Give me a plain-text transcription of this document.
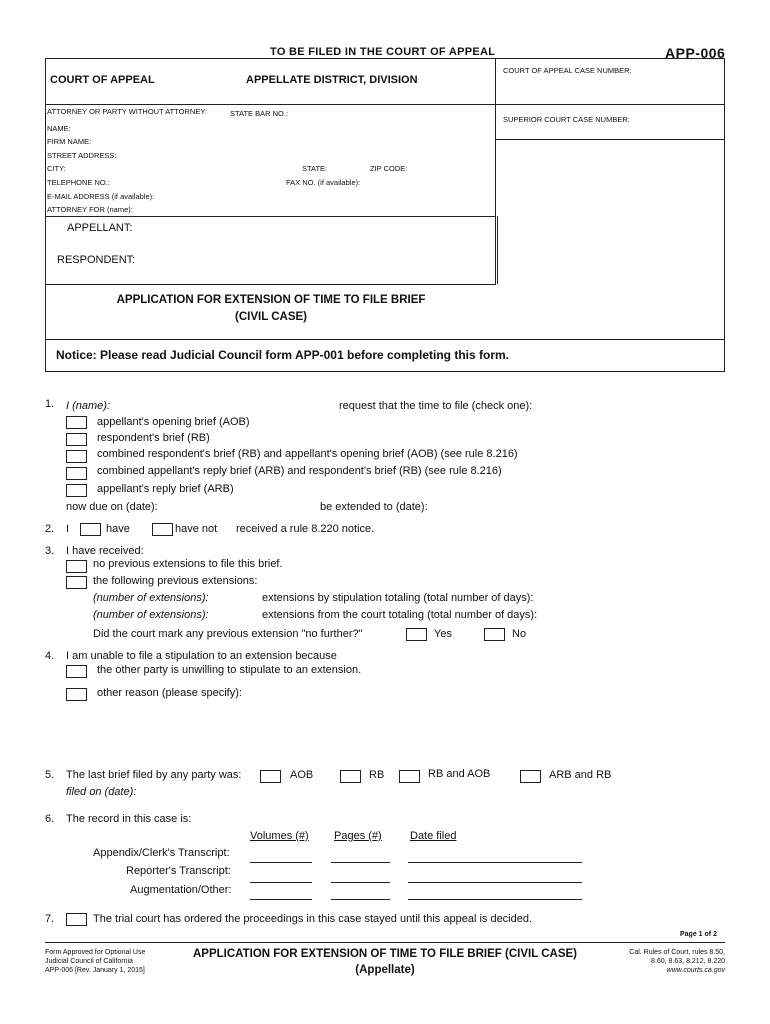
TO BE FILED IN THE COURT OF APPEAL	APP-006
COURT OF APPEAL	APPELLATE DISTRICT, DIVISION
COURT OF APPEAL CASE NUMBER:
SUPERIOR COURT CASE NUMBER:
ATTORNEY OR PARTY WITHOUT ATTORNEY:	STATE BAR NO.:
NAME:
FIRM NAME:
STREET ADDRESS:
CITY:	STATE:	ZIP CODE:
TELEPHONE NO.:	FAX NO. (if available):
E-MAIL ADDRESS (if available):
ATTORNEY FOR (name):
APPELLANT:
RESPONDENT:
APPLICATION FOR EXTENSION OF TIME TO FILE BRIEF
(CIVIL CASE)
Notice: Please read Judicial Council form APP-001 before completing this form.
1. I (name):	request that the time to file (check one):
appellant's opening brief (AOB)
respondent's brief (RB)
combined respondent's brief (RB) and appellant's opening brief (AOB) (see rule 8.216)
combined appellant's reply brief (ARB) and respondent's brief (RB) (see rule 8.216)
appellant's reply brief (ARB)
now due on (date):	be extended to (date):
2. I	have	have not received a rule 8.220 notice.
3. I have received:
no previous extensions to file this brief.
the following previous extensions:
(number of extensions):	extensions by stipulation totaling (total number of days):
(number of extensions):	extensions from the court totaling (total number of days):
Did the court mark any previous extension "no further?"	Yes	No
4. I am unable to file a stipulation to an extension because
the other party is unwilling to stipulate to an extension.
other reason (please specify):
5. The last brief filed by any party was:	AOB	RB	RB and AOB	ARB and RB
filed on (date):
6. The record in this case is:
Volumes (#) Pages (#)	Date filed
Appendix/Clerk's Transcript:
Reporter's Transcript:
Augmentation/Other:
7.	The trial court has ordered the proceedings in this case stayed until this appeal is decided.
Page 1 of 2
Form Approved for Optional Use
Judicial Council of California
APP-006 [Rev. January 1, 2015]
APPLICATION FOR EXTENSION OF TIME TO FILE BRIEF (CIVIL CASE)
(Appellate)
Cal. Rules of Court, rules 8.50,
8.60, 8.63, 8.212, 8.220
www.courts.ca.gov
